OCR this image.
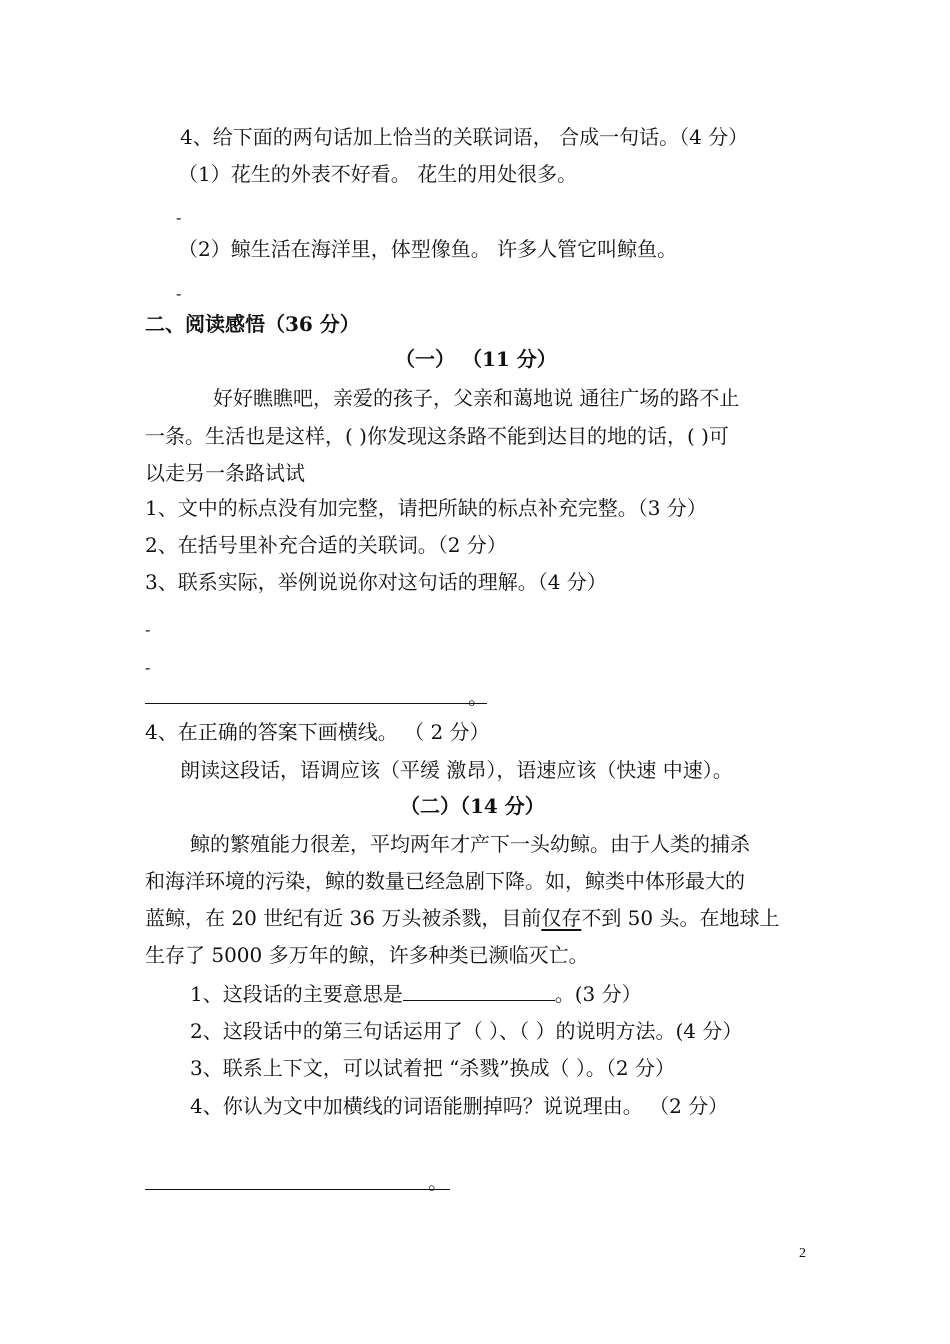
4、给下面的两句话加上恰当的关联词语， 合成一句话。（4 分）
（1）花生的外表不好看。 花生的用处很多。
-
（2）鲸生活在海洋里，体型像鱼。 许多人管它叫鲸鱼。
-
二、阅读感悟（36 分）
（一） （11 分）
好好瞧瞧吧，亲爱的孩子，父亲和蔼地说 通往广场的路不止
一条。生活也是这样，( )你发现这条路不能到达目的地的话，( )可
以走另一条路试试
1、文中的标点没有加完整，请把所缺的标点补充完整。（3 分）
2、在括号里补充合适的关联词。（2 分）
3、联系实际，举例说说你对这句话的理解。（4 分）
-
-
。
4、在正确的答案下画横线。 （ 2 分）
朗读这段话，语调应该（平缓 激昂），语速应该（快速 中速）。
（二）（14 分）
鲸的繁殖能力很差，平均两年才产下一头幼鲸。由于人类的捕杀
和海洋环境的污染，鲸的数量已经急剧下降。如，鲸类中体形最大的
蓝鲸，在 20 世纪有近 36 万头被杀戮，目前仅存不到 50 头。在地球上
生存了 5000 多万年的鲸，许多种类已濒临灭亡。
1、这段话的主要意思是	。(3 分）
2、这段话中的第三句话运用了（ ）、（ ）的说明方法。(4 分）
3、联系上下文，可以试着把 “杀戮”换成（ ）。（2 分）
4、你认为文中加横线的词语能删掉吗？说说理由。 （2 分）
。
2
